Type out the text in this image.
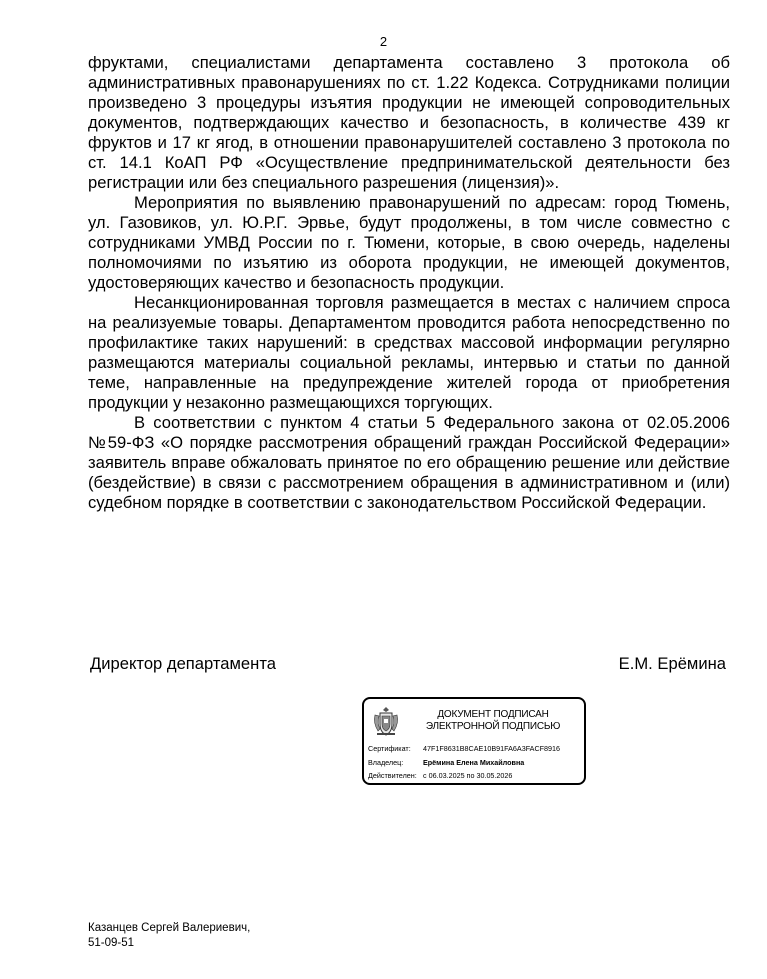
2

фруктами, специалистами департамента составлено 3 протокола об административных правонарушениях по ст. 1.22 Кодекса. Сотрудниками полиции произведено 3 процедуры изъятия продукции не имеющей сопроводительных документов, подтверждающих качество и безопасность, в количестве 439 кг фруктов и 17 кг ягод, в отношении правонарушителей составлено 3 протокола по ст. 14.1 КоАП РФ «Осуществление предпринимательской деятельности без регистрации или без специального разрешения (лицензия)».

Мероприятия по выявлению правонарушений по адресам: город Тюмень, ул. Газовиков, ул. Ю.Р.Г. Эрвье, будут продолжены, в том числе совместно с сотрудниками УМВД России по г. Тюмени, которые, в свою очередь, наделены полномочиями по изъятию из оборота продукции, не имеющей документов, удостоверяющих качество и безопасность продукции.

Несанкционированная торговля размещается в местах с наличием спроса на реализуемые товары. Департаментом проводится работа непосредственно по профилактике таких нарушений: в средствах массовой информации регулярно размещаются материалы социальной рекламы, интервью и статьи по данной теме, направленные на предупреждение жителей города от приобретения продукции у незаконно размещающихся торгующих.

В соответствии с пунктом 4 статьи 5 Федерального закона от 02.05.2006 №59-ФЗ «О порядке рассмотрения обращений граждан Российской Федерации» заявитель вправе обжаловать принятое по его обращению решение или действие (бездействие) в связи с рассмотрением обращения в административном и (или) судебном порядке в соответствии с законодательством Российской Федерации.

Директор департамента	Е.М. Ерёмина
ДОКУМЕНТ ПОДПИСАН
ЭЛЕКТРОННОЙ ПОДПИСЬЮ
Сертификат: 47F1F8631B8CAE10B91FA6A3FACF8916
Владелец:	Ерёмина Елена Михайловна
Действителен: с 06.03.2025 по 30.05.2026
Казанцев Сергей Валериевич,
51-09-51
